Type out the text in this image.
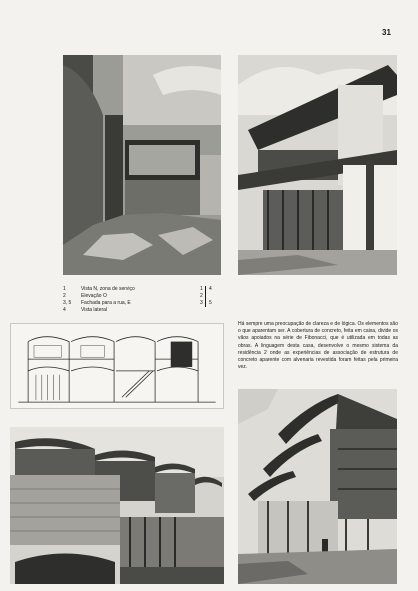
31
1	Vista N, zona de serviço
2	Elevação O
3, 5	Fachada para a rua, E
4	Vista lateral
1	4
2
3	5

Há sempre uma preocupação de clareza e de lógica. Os elementos são o que aparentam ser. A cobertura de concreto, feita em caixa, divide os vãos apoiados na série de Fibonacci, que é utilizada em todas as obras. A linguagem desta casa, desenvolve o mesmo sistema da residência 2 onde as experiências de associação de estrutura de concreto aparente com alvenaria revestida foram feitas pela primeira vez.
